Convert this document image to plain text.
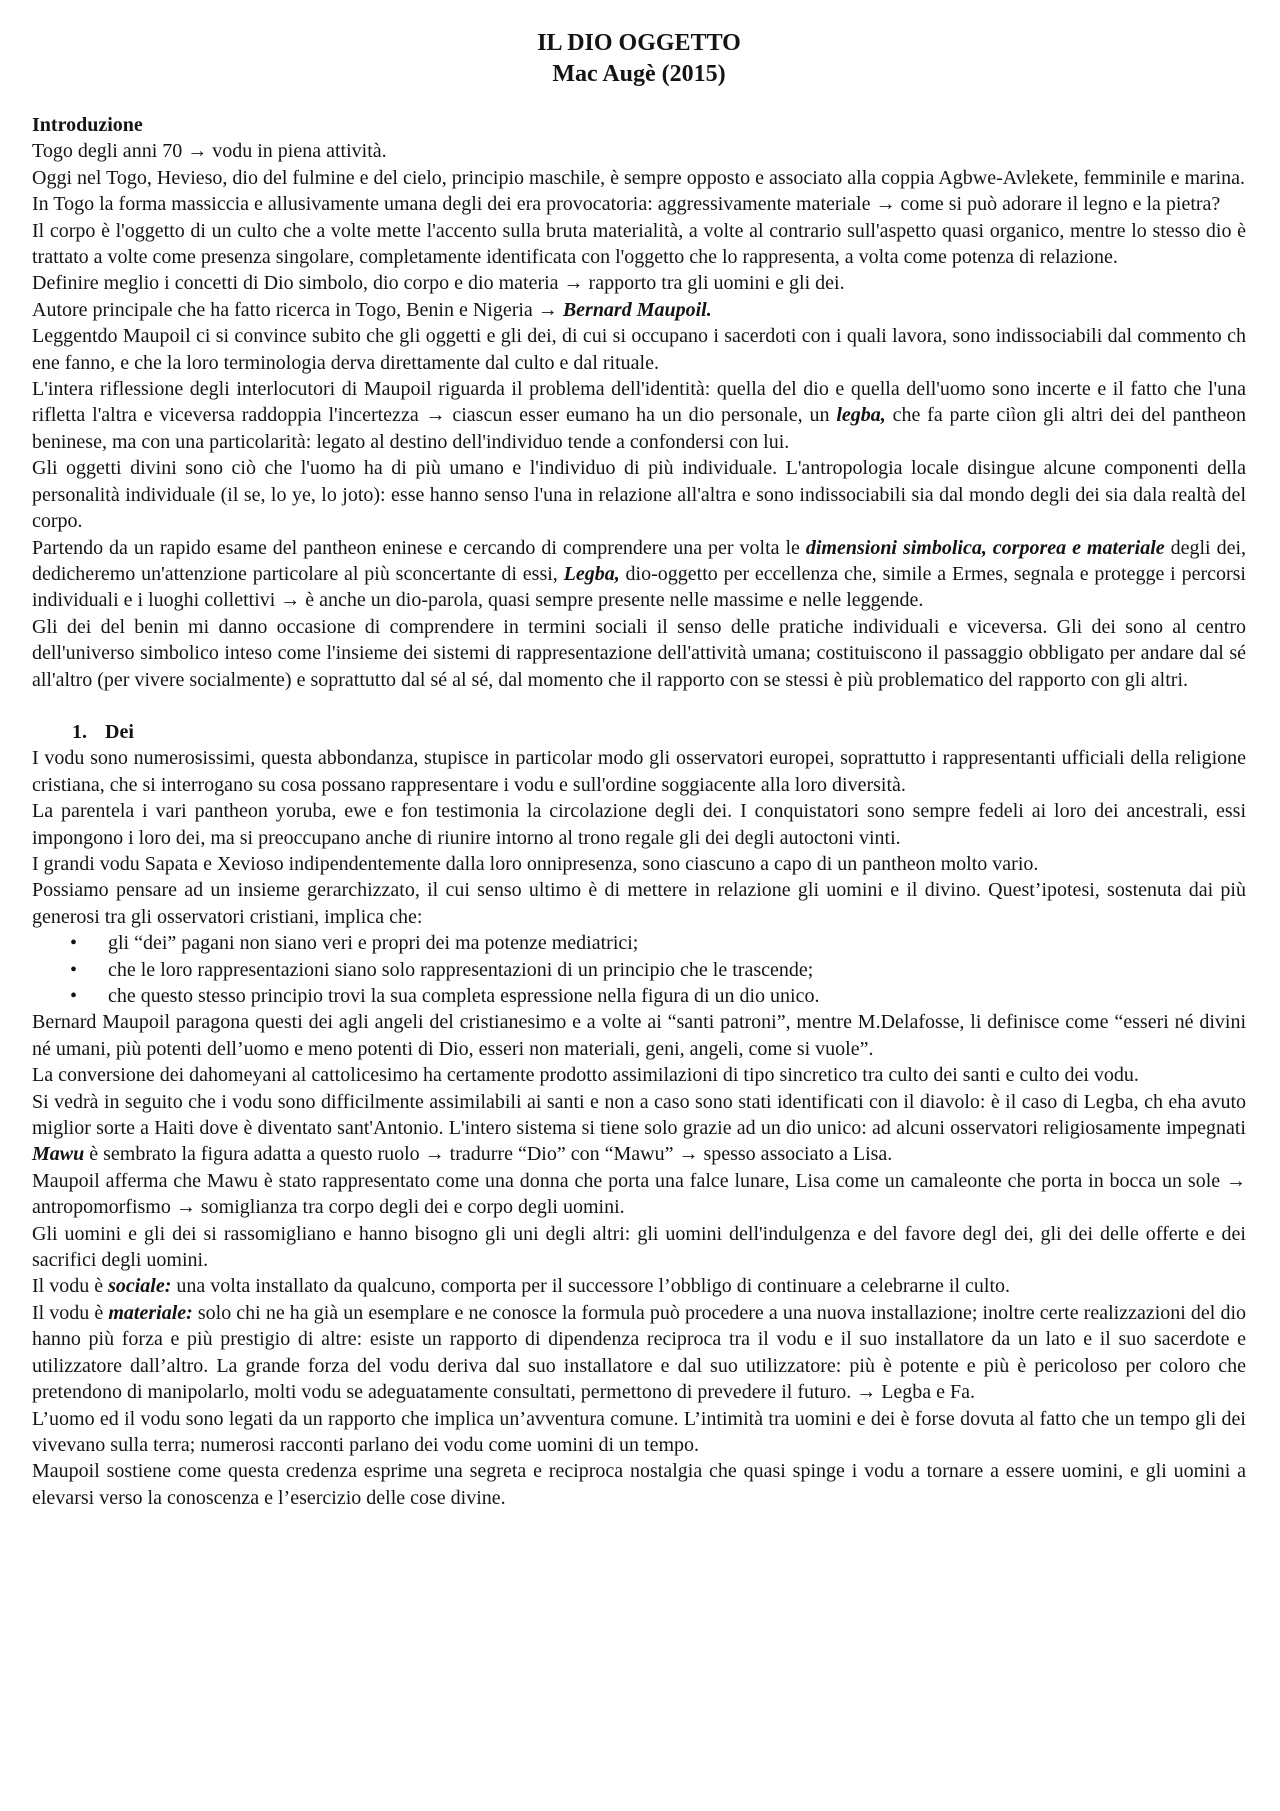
IL DIO OGGETTO
Mac Augè (2015)

Introduzione

Togo degli anni 70 → vodu in piena attività.

Oggi nel Togo, Hevieso, dio del fulmine e del cielo, principio maschile, è sempre opposto e associato alla coppia Agbwe-Avlekete, femminile e marina.

In Togo la forma massiccia e allusivamente umana degli dei era provocatoria: aggressivamente materiale → come si può adorare il legno e la pietra?

Il corpo è l'oggetto di un culto che a volte mette l'accento sulla bruta materialità, a volte al contrario sull'aspetto quasi organico, mentre lo stesso dio è trattato a volte come presenza singolare, completamente identificata con l'oggetto che lo rappresenta, a volta come potenza di relazione.

Definire meglio i concetti di Dio simbolo, dio corpo e dio materia → rapporto tra gli uomini e gli dei.

Autore principale che ha fatto ricerca in Togo, Benin e Nigeria → Bernard Maupoil.

Leggentdo Maupoil ci si convince subito che gli oggetti e gli dei, di cui si occupano i sacerdoti con i quali lavora, sono indissociabili dal commento ch ene fanno, e che la loro terminologia derva direttamente dal culto e dal rituale.

L'intera riflessione degli interlocutori di Maupoil riguarda il problema dell'identità: quella del dio e quella dell'uomo sono incerte e il fatto che l'una rifletta l'altra e viceversa raddoppia l'incertezza → ciascun esser eumano ha un dio personale, un legba, che fa parte ciìon gli altri dei del pantheon beninese, ma con una particolarità: legato al destino dell'individuo tende a confondersi con lui.

Gli oggetti divini sono ciò che l'uomo ha di più umano e l'individuo di più individuale. L'antropologia locale disingue alcune componenti della personalità individuale (il se, lo ye, lo joto): esse hanno senso l'una in relazione all'altra e sono indissociabili sia dal mondo degli dei sia dala realtà del corpo.

Partendo da un rapido esame del pantheon eninese e cercando di comprendere una per volta le dimensioni simbolica, corporea e materiale degli dei, dedicheremo un'attenzione particolare al più sconcertante di essi, Legba, dio-oggetto per eccellenza che, simile a Ermes, segnala e protegge i percorsi individuali e i luoghi collettivi → è anche un dio-parola, quasi sempre presente nelle massime e nelle leggende.

Gli dei del benin mi danno occasione di comprendere in termini sociali il senso delle pratiche individuali e viceversa. Gli dei sono al centro dell'universo simbolico inteso come l'insieme dei sistemi di rappresentazione dell'attività umana; costituiscono il passaggio obbligato per andare dal sé all'altro (per vivere socialmente) e soprattutto dal sé al sé, dal momento che il rapporto con se stessi è più problematico del rapporto con gli altri.

1. Dei

I vodu sono numerosissimi, questa abbondanza, stupisce in particolar modo gli osservatori europei, soprattutto i rappresentanti ufficiali della religione cristiana, che si interrogano su cosa possano rappresentare i vodu e sull'ordine soggiacente alla loro diversità.

La parentela i vari pantheon yoruba, ewe e fon testimonia la circolazione degli dei. I conquistatori sono sempre fedeli ai loro dei ancestrali, essi impongono i loro dei, ma si preoccupano anche di riunire intorno al trono regale gli dei degli autoctoni vinti.

I grandi vodu Sapata e Xevioso indipendentemente dalla loro onnipresenza, sono ciascuno a capo di un pantheon molto vario.

Possiamo pensare ad un insieme gerarchizzato, il cui senso ultimo è di mettere in relazione gli uomini e il divino. Quest’ipotesi, sostenuta dai più generosi tra gli osservatori cristiani, implica che:

• gli “dei” pagani non siano veri e propri dei ma potenze mediatrici;
• che le loro rappresentazioni siano solo rappresentazioni di un principio che le trascende;
• che questo stesso principio trovi la sua completa espressione nella figura di un dio unico.

Bernard Maupoil paragona questi dei agli angeli del cristianesimo e a volte ai “santi patroni”, mentre M.Delafosse, li definisce come “esseri né divini né umani, più potenti dell’uomo e meno potenti di Dio, esseri non materiali, geni, angeli, come si vuole”.

La conversione dei dahomeyani al cattolicesimo ha certamente prodotto assimilazioni di tipo sincretico tra culto dei santi e culto dei vodu.

Si vedrà in seguito che i vodu sono difficilmente assimilabili ai santi e non a caso sono stati identificati con il diavolo: è il caso di Legba, ch eha avuto miglior sorte a Haiti dove è diventato sant'Antonio. L'intero sistema si tiene solo grazie ad un dio unico: ad alcuni osservatori religiosamente impegnati Mawu è sembrato la figura adatta a questo ruolo → tradurre “Dio” con “Mawu” → spesso associato a Lisa.

Maupoil afferma che Mawu è stato rappresentato come una donna che porta una falce lunare, Lisa come un camaleonte che porta in bocca un sole → antropomorfismo → somiglianza tra corpo degli dei e corpo degli uomini.

Gli uomini e gli dei si rassomigliano e hanno bisogno gli uni degli altri: gli uomini dell'indulgenza e del favore degl dei, gli dei delle offerte e dei sacrifici degli uomini.

Il vodu è sociale: una volta installato da qualcuno, comporta per il successore l’obbligo di continuare a celebrarne il culto.

Il vodu è materiale: solo chi ne ha già un esemplare e ne conosce la formula può procedere a una nuova installazione; inoltre certe realizzazioni del dio hanno più forza e più prestigio di altre: esiste un rapporto di dipendenza reciproca tra il vodu e il suo installatore da un lato e il suo sacerdote e utilizzatore dall’altro. La grande forza del vodu deriva dal suo installatore e dal suo utilizzatore: più è potente e più è pericoloso per coloro che pretendono di manipolarlo, molti vodu se adeguatamente consultati, permettono di prevedere il futuro. → Legba e Fa.

L’uomo ed il vodu sono legati da un rapporto che implica un’avventura comune. L’intimità tra uomini e dei è forse dovuta al fatto che un tempo gli dei vivevano sulla terra; numerosi racconti parlano dei vodu come uomini di un tempo.

Maupoil sostiene come questa credenza esprime una segreta e reciproca nostalgia che quasi spinge i vodu a tornare a essere uomini, e gli uomini a elevarsi verso la conoscenza e l’esercizio delle cose divine.
